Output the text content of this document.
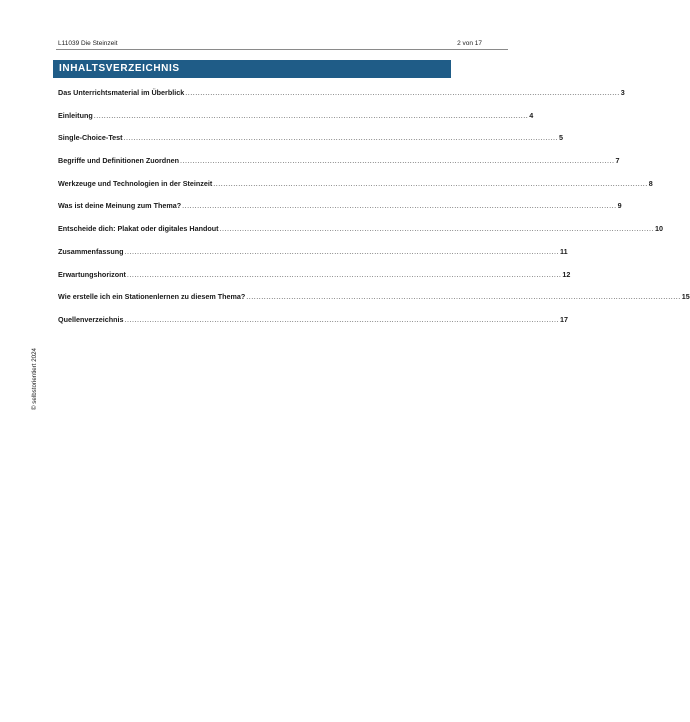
L11039 Die Steinzeit	2 von 17
INHALTSVERZEICHNIS
Das Unterrichtsmaterial im Überblick .............................................................................................................................................................................. 3
Einleitung .............................................................................................................................................................................. 4
Single-Choice-Test .............................................................................................................................................................................. 5
Begriffe und Definitionen Zuordnen .............................................................................................................................................................................. 7
Werkzeuge und Technologien in der Steinzeit .............................................................................................................................................................................. 8
Was ist deine Meinung zum Thema? .............................................................................................................................................................................. 9
Entscheide dich: Plakat oder digitales Handout .............................................................................................................................................................................. 10
Zusammenfassung .............................................................................................................................................................................. 11
Erwartungshorizont .............................................................................................................................................................................. 12
Wie erstelle ich ein Stationenlernen zu diesem Thema? .............................................................................................................................................................................. 15
Quellenverzeichnis .............................................................................................................................................................................. 17
© selbstorientiert 2024
